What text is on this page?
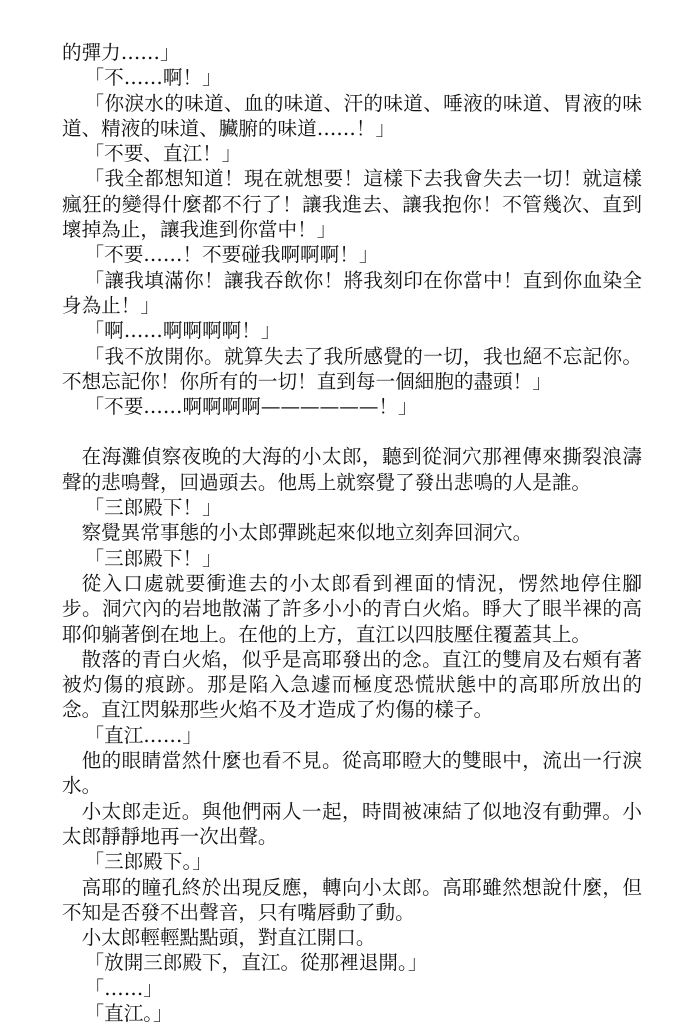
的彈力……」

「不……啊！」

「你淚水的味道、血的味道、汗的味道、唾液的味道、胃液的味道、精液的味道、臟腑的味道……！」

「不要、直江！」

「我全都想知道！現在就想要！這樣下去我會失去一切！就這樣瘋狂的變得什麼都不行了！讓我進去、讓我抱你！不管幾次、直到壞掉為止，讓我進到你當中！」

「不要……！不要碰我啊啊啊！」

「讓我填滿你！讓我吞飲你！將我刻印在你當中！直到你血染全身為止！」

「啊……啊啊啊啊！」

「我不放開你。就算失去了我所感覺的一切，我也絕不忘記你。不想忘記你！你所有的一切！直到每一個細胞的盡頭！」

「不要……啊啊啊啊——————！」

在海灘偵察夜晚的大海的小太郎，聽到從洞穴那裡傳來撕裂浪濤聲的悲鳴聲，回過頭去。他馬上就察覺了發出悲鳴的人是誰。

「三郎殿下！」

察覺異常事態的小太郎彈跳起來似地立刻奔回洞穴。

「三郎殿下！」

從入口處就要衝進去的小太郎看到裡面的情況，愣然地停住腳步。洞穴內的岩地散滿了許多小小的青白火焰。睜大了眼半裸的高耶仰躺著倒在地上。在他的上方，直江以四肢壓住覆蓋其上。

散落的青白火焰，似乎是高耶發出的念。直江的雙肩及右頰有著被灼傷的痕跡。那是陷入急遽而極度恐慌狀態中的高耶所放出的念。直江閃躲那些火焰不及才造成了灼傷的樣子。

「直江……」

他的眼睛當然什麼也看不見。從高耶瞪大的雙眼中，流出一行淚水。

小太郎走近。與他們兩人一起，時間被凍結了似地沒有動彈。小太郎靜靜地再一次出聲。

「三郎殿下。」

高耶的瞳孔終於出現反應，轉向小太郎。高耶雖然想說什麼，但不知是否發不出聲音，只有嘴唇動了動。

小太郎輕輕點點頭，對直江開口。

「放開三郎殿下，直江。從那裡退開。」

「……」

「直江。」
